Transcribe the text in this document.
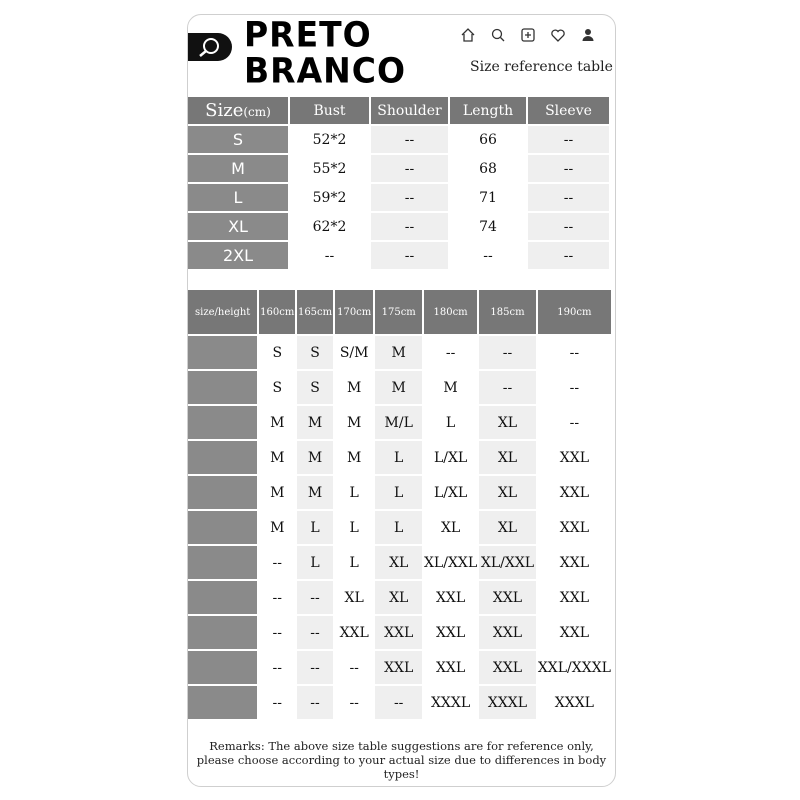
PRETO
BRANCO	Size reference table
Size(cm)	Bust	Shoulder	Length	Sleeve
S	52*2	--	66	--
M	55*2	--	68	--
L	59*2	--	71	--
XL	62*2	--	74	--
2XL	--	--	--	--
size/height	160cm	165cm	170cm	175cm	180cm	185cm	190cm
	S	S	S/M	M	--	--	--
	S	S	M	M	M	--	--
	M	M	M	M/L	L	XL	--
	M	M	M	L	L/XL	XL	XXL
	M	M	L	L	L/XL	XL	XXL
	M	L	L	L	XL	XL	XXL
	--	L	L	XL	XL/XXL	XL/XXL	XXL
	--	--	XL	XL	XXL	XXL	XXL
	--	--	XXL	XXL	XXL	XXL	XXL
	--	--	--	XXL	XXL	XXL	XXL/XXXL
	--	--	--	--	XXXL	XXXL	XXXL
Remarks: The above size table suggestions are for reference only,
please choose according to your actual size due to differences in body types!
